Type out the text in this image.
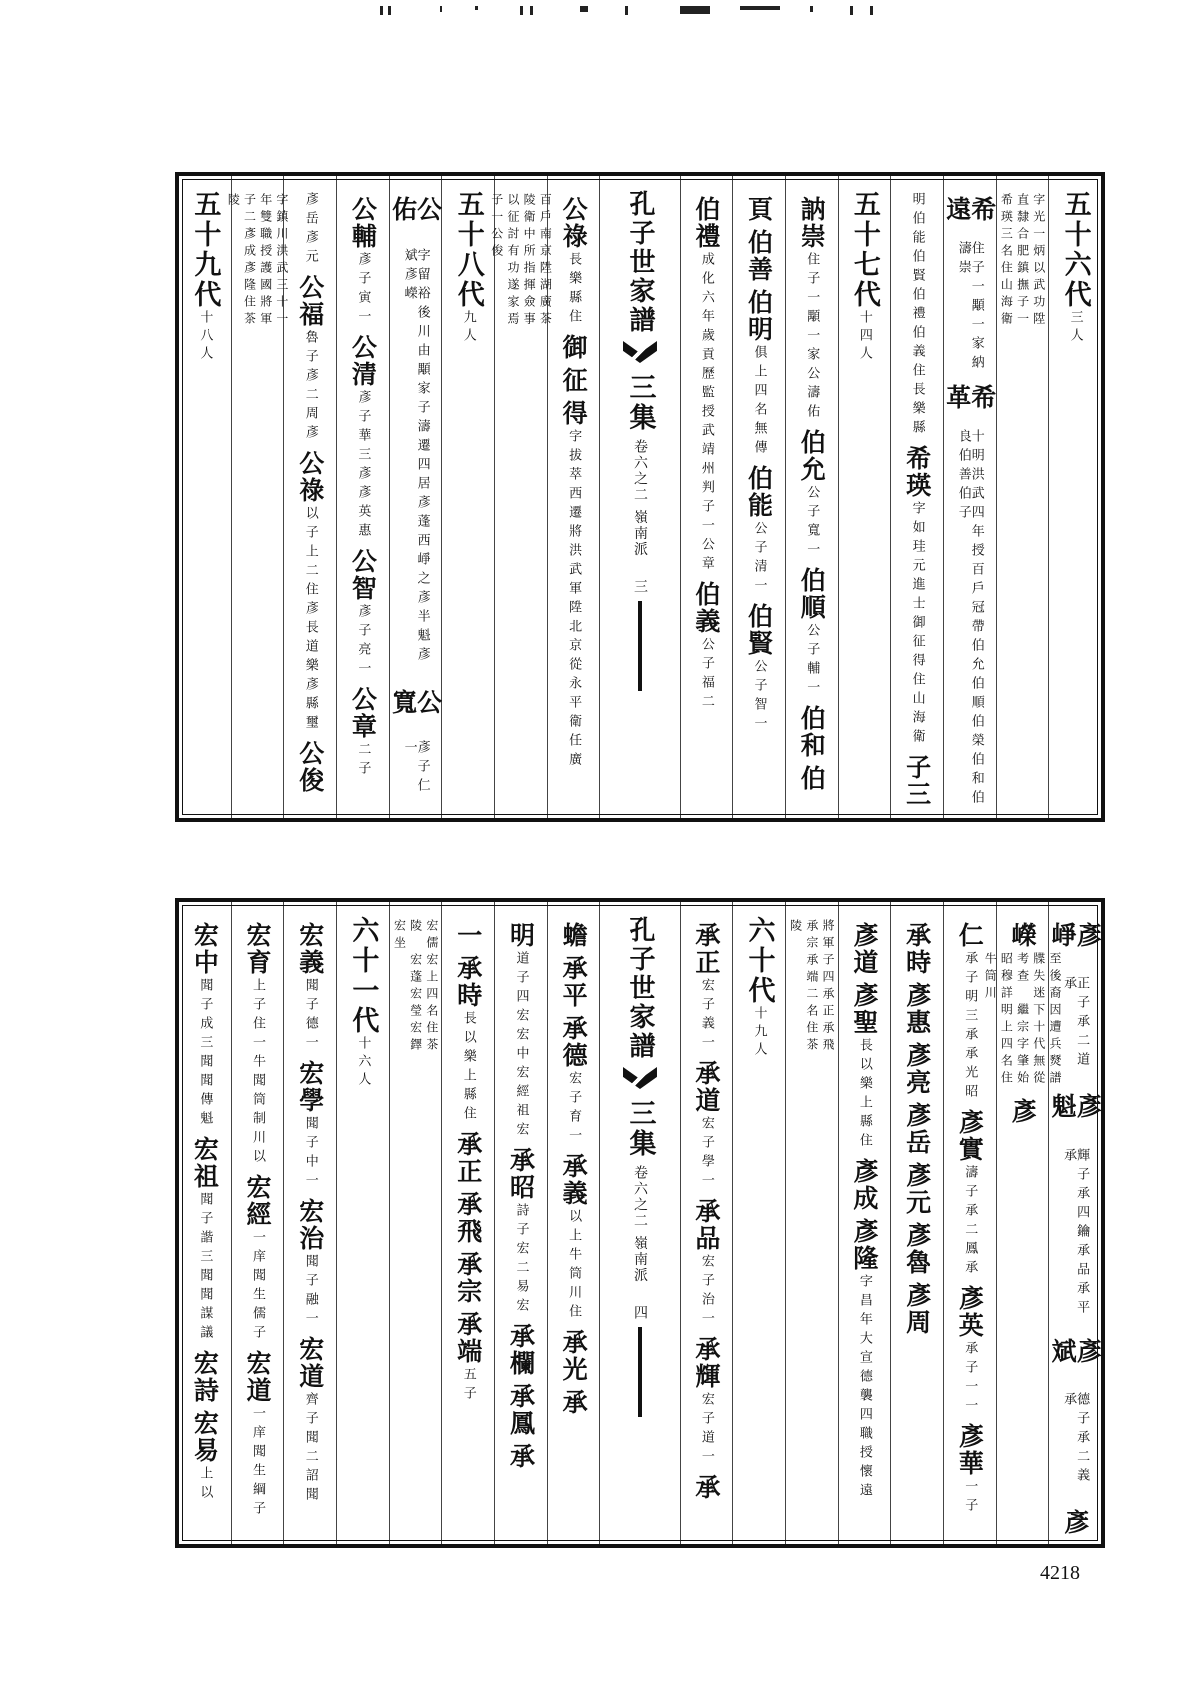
五十六代
三人
字光一炳以武功陞直隸合肥鎮撫子一希瑛三名住山海衛
希遠
住子一顒一家納濤崇
希革
十明洪武四年授百戶冠帶伯允伯順伯榮伯和伯良伯善伯子
明伯能伯賢伯禮伯義住長樂縣
希瑛
字如珪元進士御征得住山海衛
子三
五十七代
十四人
訥崇
住子一顒一家公濤佑
伯允
公子寬一
伯順
公子輔一
伯和
伯
頁
伯善
伯明
俱上四名無傳
伯能
公子清一
伯賢
公子智一
伯禮
成化六年歲貢歷監授武靖州判子一公章
伯義
公子福二
孔子世家譜
三集
卷六之二 嶺南派
三
公祿
長樂縣住
御
征
得
字拔萃西遷將洪武軍陞北京從永平衛任廣
百戶南京陞湖廣茶陵衛中所指揮僉事以征討有功遂家焉子一公俊
五十八代
九人
公佑
字留裕後川由顒家子濤遷四居彥蓬西崢之彥半魁彥斌彥嶸
公寬
彥子仁一
公輔
彥子寅一
公清
彥子華三彥彥英惠
公智
彥子亮一
公章
二子
彥岳彥元
公福
魯子彥二周彥
公祿
以子上二住彥長道樂彥縣璽
公俊
字鎮川洪武三十一年雙職授護國將軍子二彥成彥隆住茶陵
五十九代
十八人
彥崢
正子承二道承
彥魁
輝子承四鑰承品承平承
彥斌
德子承二義承
彥
嶸
至後裔因遭兵燹譜牒失迷下十代無從考查　繼宗字肇始昭穆詳明上四名住牛筒川
彥
仁
承子明三承承光昭
彥實
濤子承二鳳承
彥英
承子一一
彥華
一子
承時
彥惠
彥亮
彥岳
彥元
彥魯
彥周
彥道
彥聖
長以樂上縣住
彥成
彥隆
字昌年大宣德襲四職授懷遠
將軍子四承正承飛承宗承端二名住茶陵
六十代
十九人
承正
宏子義一
承道
宏子學一
承品
宏子治一
承輝
宏子道一
承
孔子世家譜
三集
卷六之二 嶺南派
四
蟾
承平
承德
宏子育一
承義
以上牛筒川住
承光
承
明
道子四宏宏中宏經祖宏
承昭
詩子宏二易宏
承欄
承鳳
承
一
承時
長以樂上縣住
承正
承飛
承宗
承端
五子
宏儒宏上四名住茶陵　宏蓬宏瑩宏鐸宏坐
六十一代
十六人
宏義
聞子德一
宏學
聞子中一
宏治
聞子融一
宏道
齊子聞二詔聞
宏育
上子住一牛聞筒制川以
宏經
一庠聞生儒子
宏道
一庠聞生綱子
宏中
聞子成三聞聞傳魁
宏祖
聞子諧三聞聞謀議
宏詩
宏易
上以
4218
